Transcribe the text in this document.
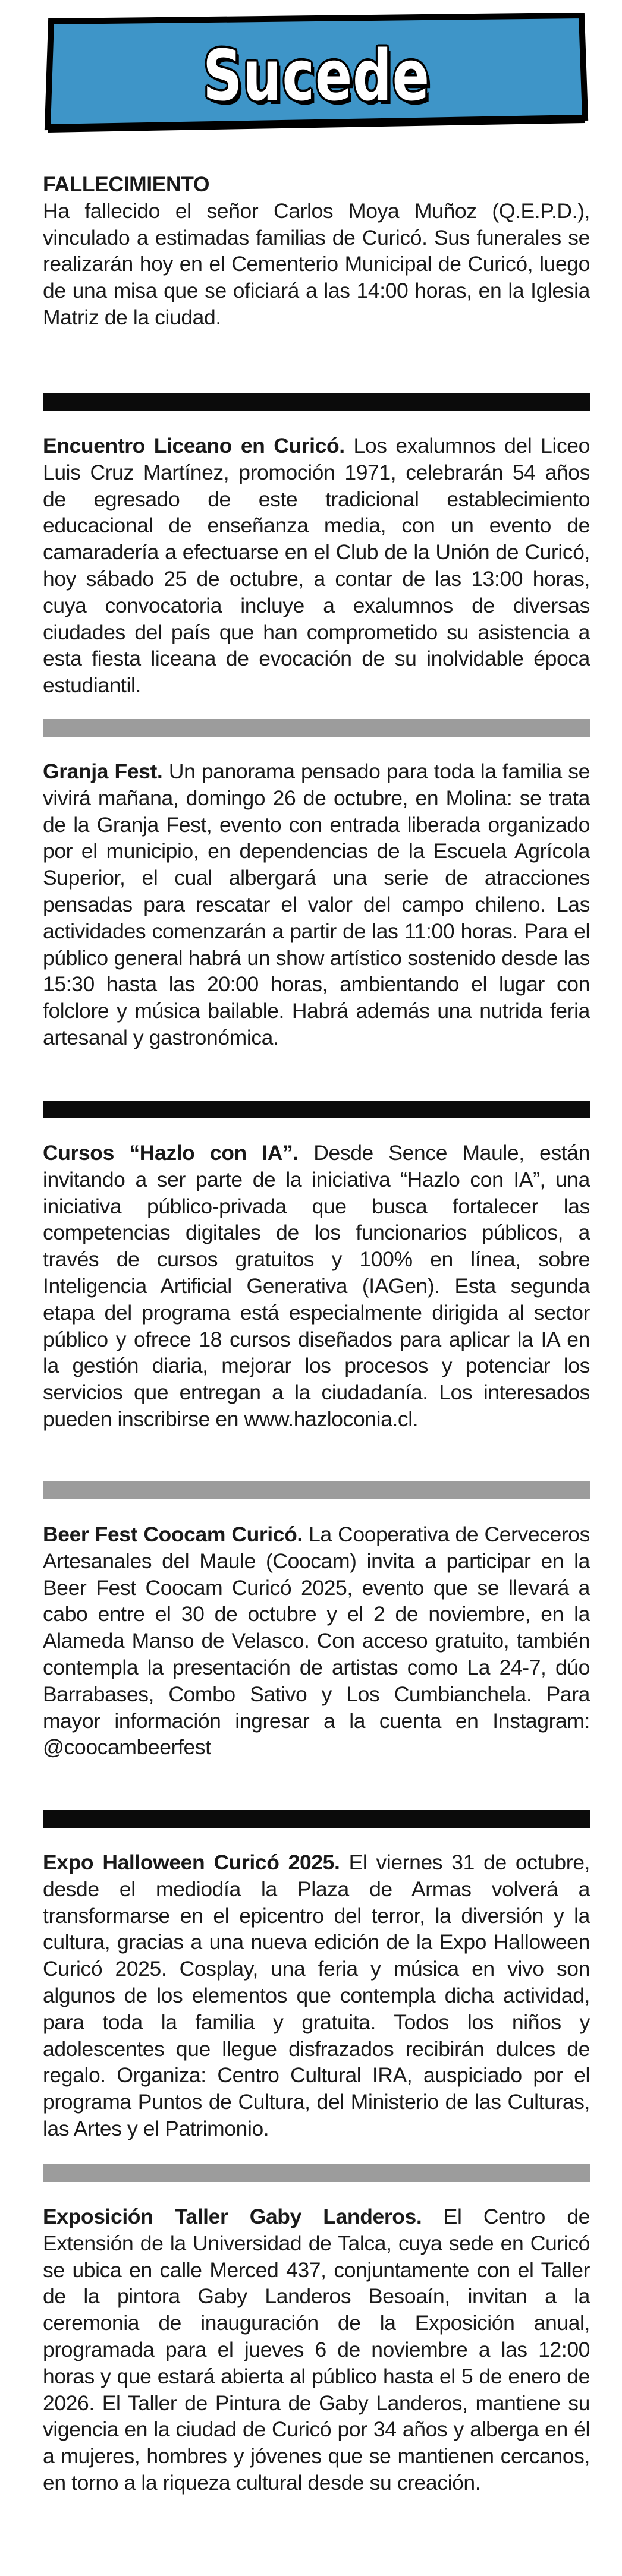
Sucede
FALLECIMIENTO

Ha fallecido el señor Carlos Moya Muñoz (Q.E.P.D.), vinculado a estimadas familias de Curicó. Sus funerales se realizarán hoy en el Cementerio Municipal de Curicó, luego de una misa que se oficiará a las 14:00 horas, en la Iglesia Matriz de la ciudad.

Encuentro Liceano en Curicó. Los exalumnos del Liceo Luis Cruz Martínez, promoción 1971, celebrarán 54 años de egresado de este tradicional establecimiento educacional de enseñanza media, con un evento de camaradería a efectuarse en el Club de la Unión de Curicó, hoy sábado 25 de octubre, a contar de las 13:00 horas, cuya convocatoria incluye a exalumnos de diversas ciudades del país que han comprometido su asistencia a esta fiesta liceana de evocación de su inolvidable época estudiantil.

Granja Fest. Un panorama pensado para toda la familia se vivirá mañana, domingo 26 de octubre, en Molina: se trata de la Granja Fest, evento con entrada liberada organizado por el municipio, en dependencias de la Escuela Agrícola Superior, el cual albergará una serie de atracciones pensadas para rescatar el valor del campo chileno. Las actividades comenzarán a partir de las 11:00 horas. Para el público general habrá un show artístico sostenido desde las 15:30 hasta las 20:00 horas, ambientando el lugar con folclore y música bailable. Habrá además una nutrida feria artesanal y gastronómica.

Cursos “Hazlo con IA”. Desde Sence Maule, están invitando a ser parte de la iniciativa “Hazlo con IA”, una iniciativa público-privada que busca fortalecer las competencias digitales de los funcionarios públicos, a través de cursos gratuitos y 100% en línea, sobre Inteligencia Artificial Generativa (IAGen). Esta segunda etapa del programa está especialmente dirigida al sector público y ofrece 18 cursos diseñados para aplicar la IA en la gestión diaria, mejorar los procesos y potenciar los servicios que entregan a la ciudadanía. Los interesados pueden inscribirse en www.hazloconia.cl.

Beer Fest Coocam Curicó. La Cooperativa de Cerveceros Artesanales del Maule (Coocam) invita a participar en la Beer Fest Coocam Curicó 2025, evento que se llevará a cabo entre el 30 de octubre y el 2 de noviembre, en la Alameda Manso de Velasco. Con acceso gratuito, también contempla la presentación de artistas como La 24-7, dúo Barrabases, Combo Sativo y Los Cumbianchela. Para mayor información ingresar a la cuenta en Instagram: @coocambeerfest

Expo Halloween Curicó 2025. El viernes 31 de octubre, desde el mediodía la Plaza de Armas volverá a transformarse en el epicentro del terror, la diversión y la cultura, gracias a una nueva edición de la Expo Halloween Curicó 2025. Cosplay, una feria y música en vivo son algunos de los elementos que contempla dicha actividad, para toda la familia y gratuita. Todos los niños y adolescentes que llegue disfrazados recibirán dulces de regalo. Organiza: Centro Cultural IRA, auspiciado por el programa Puntos de Cultura, del Ministerio de las Culturas, las Artes y el Patrimonio.

Exposición Taller Gaby Landeros. El Centro de Extensión de la Universidad de Talca, cuya sede en Curicó se ubica en calle Merced 437, conjuntamente con el Taller de la pintora Gaby Landeros Besoaín, invitan a la ceremonia de inauguración de la Exposición anual, programada para el jueves 6 de noviembre a las 12:00 horas y que estará abierta al público hasta el 5 de enero de 2026. El Taller de Pintura de Gaby Landeros, mantiene su vigencia en la ciudad de Curicó por 34 años y alberga en él a mujeres, hombres y jóvenes que se mantienen cercanos, en torno a la riqueza cultural desde su creación.
